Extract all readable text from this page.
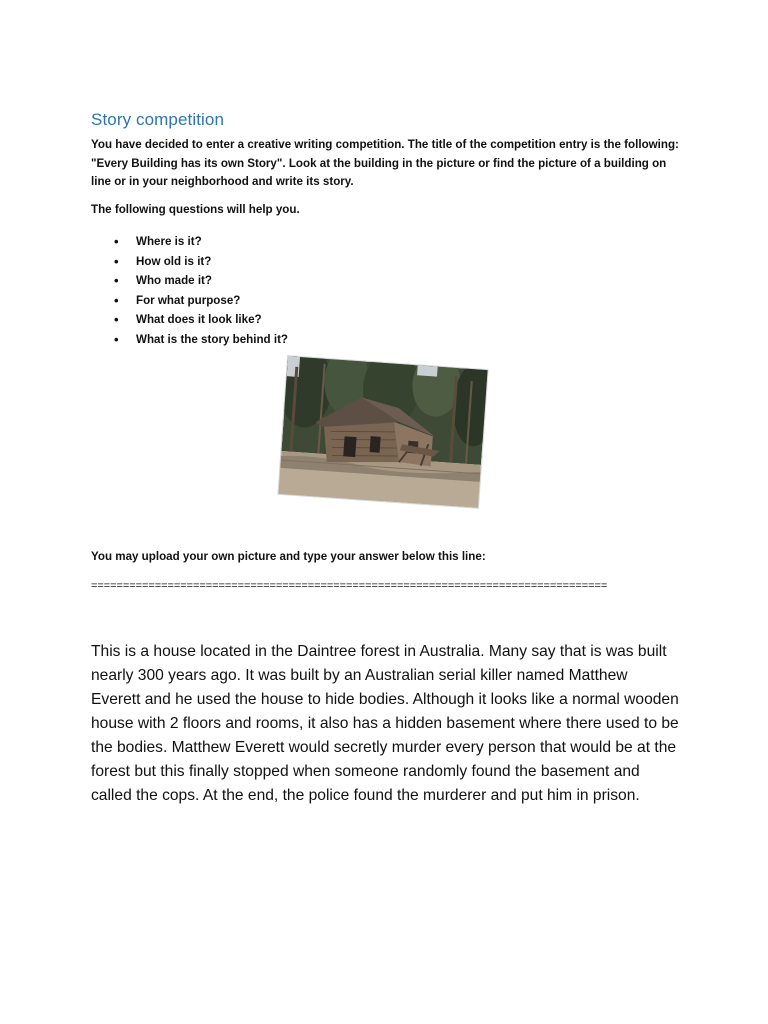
Story competition

You have decided to enter a creative writing competition. The title of the competition entry is the following: "Every Building has its own Story". Look at the building in the picture or find the picture of a building on line or in your neighborhood and write its story.

The following questions will help you.

• Where is it?
• How old is it?
• Who made it?
• For what purpose?
• What does it look like?
• What is the story behind it?

You may upload your own picture and type your answer below this line:

=================================================================================

This is a house located in the Daintree forest in Australia. Many say that is was built nearly 300 years ago. It was built by an Australian serial killer named Matthew Everett and he used the house to hide bodies. Although it looks like a normal wooden house with 2 floors and rooms, it also has a hidden basement where there used to be the bodies. Matthew Everett would secretly murder every person that would be at the forest but this finally stopped when someone randomly found the basement and called the cops. At the end, the police found the murderer and put him in prison.
